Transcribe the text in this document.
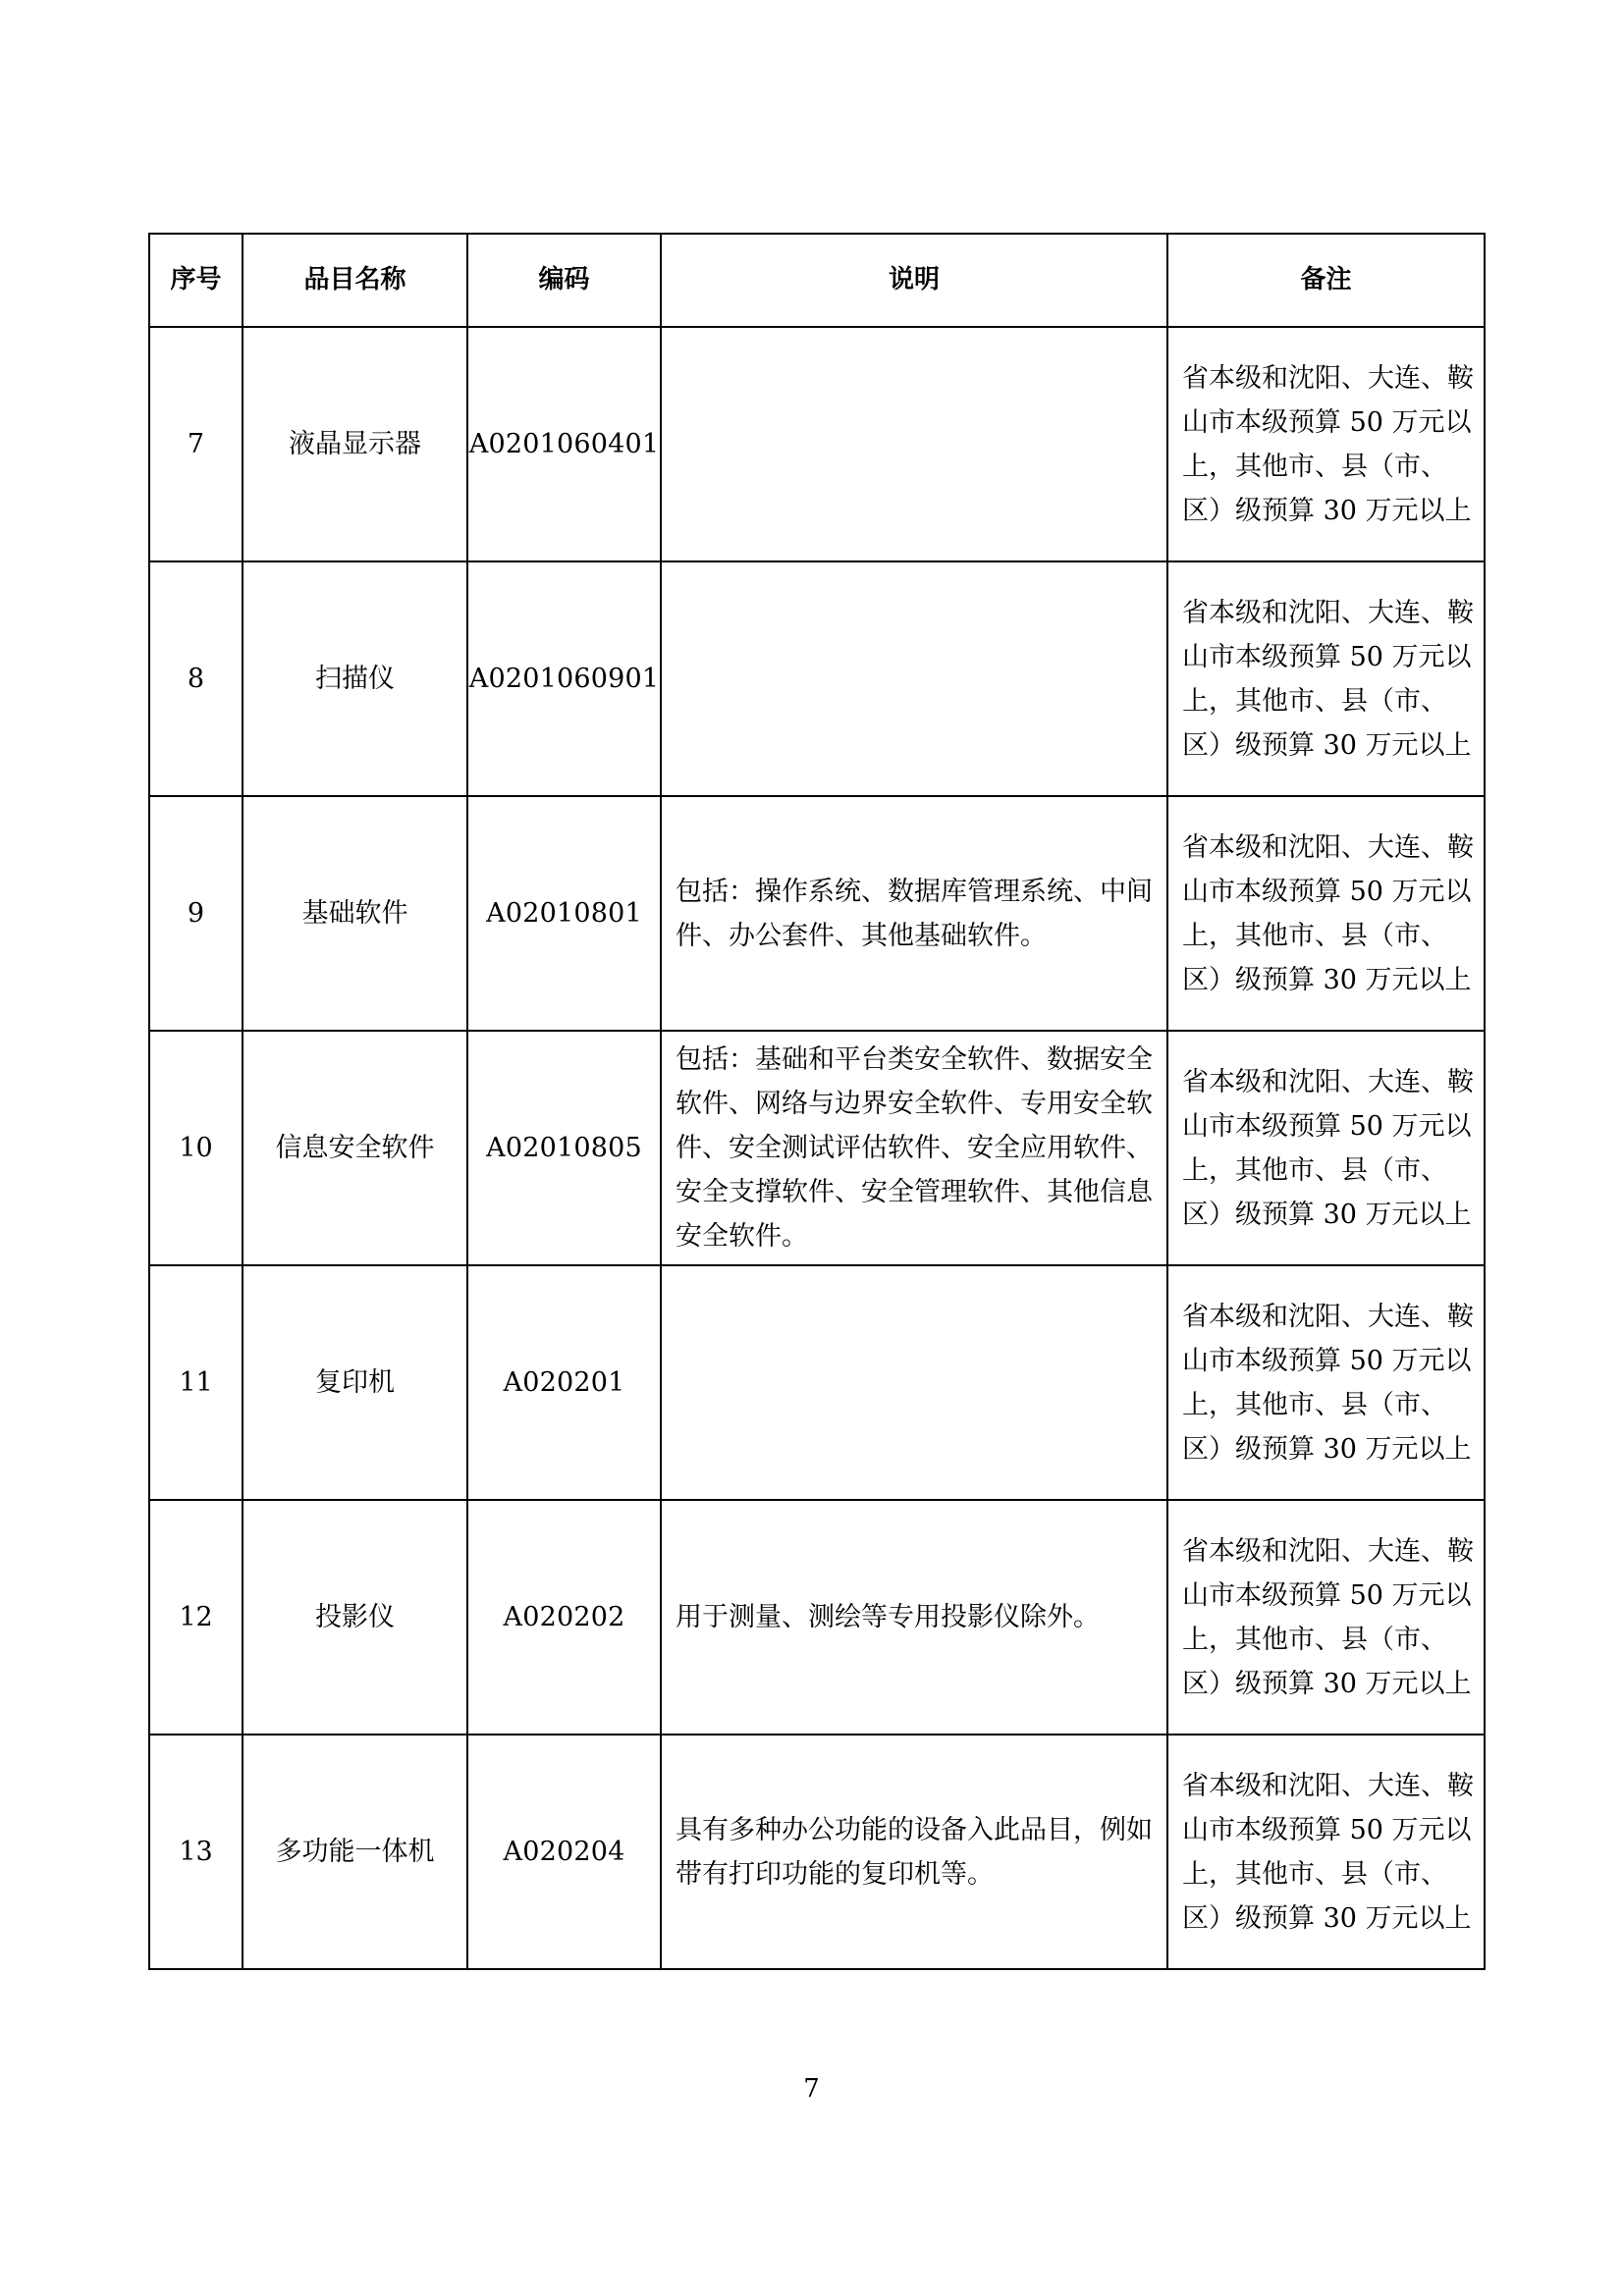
序号	品目名称	编码	说明	备注
7	液晶显示器	A0201060401		省本级和沈阳、大连、鞍山市本级预算 50 万元以上，其他市、县（市、区）级预算 30 万元以上
8	扫描仪	A0201060901		省本级和沈阳、大连、鞍山市本级预算 50 万元以上，其他市、县（市、区）级预算 30 万元以上
9	基础软件	A02010801	包括：操作系统、数据库管理系统、中间件、办公套件、其他基础软件。	省本级和沈阳、大连、鞍山市本级预算 50 万元以上，其他市、县（市、区）级预算 30 万元以上
10	信息安全软件	A02010805	包括：基础和平台类安全软件、数据安全软件、网络与边界安全软件、专用安全软件、安全测试评估软件、安全应用软件、安全支撑软件、安全管理软件、其他信息安全软件。	省本级和沈阳、大连、鞍山市本级预算 50 万元以上，其他市、县（市、区）级预算 30 万元以上
11	复印机	A020201		省本级和沈阳、大连、鞍山市本级预算 50 万元以上，其他市、县（市、区）级预算 30 万元以上
12	投影仪	A020202	用于测量、测绘等专用投影仪除外。	省本级和沈阳、大连、鞍山市本级预算 50 万元以上，其他市、县（市、区）级预算 30 万元以上
13	多功能一体机	A020204	具有多种办公功能的设备入此品目，例如带有打印功能的复印机等。	省本级和沈阳、大连、鞍山市本级预算 50 万元以上，其他市、县（市、区）级预算 30 万元以上
7
